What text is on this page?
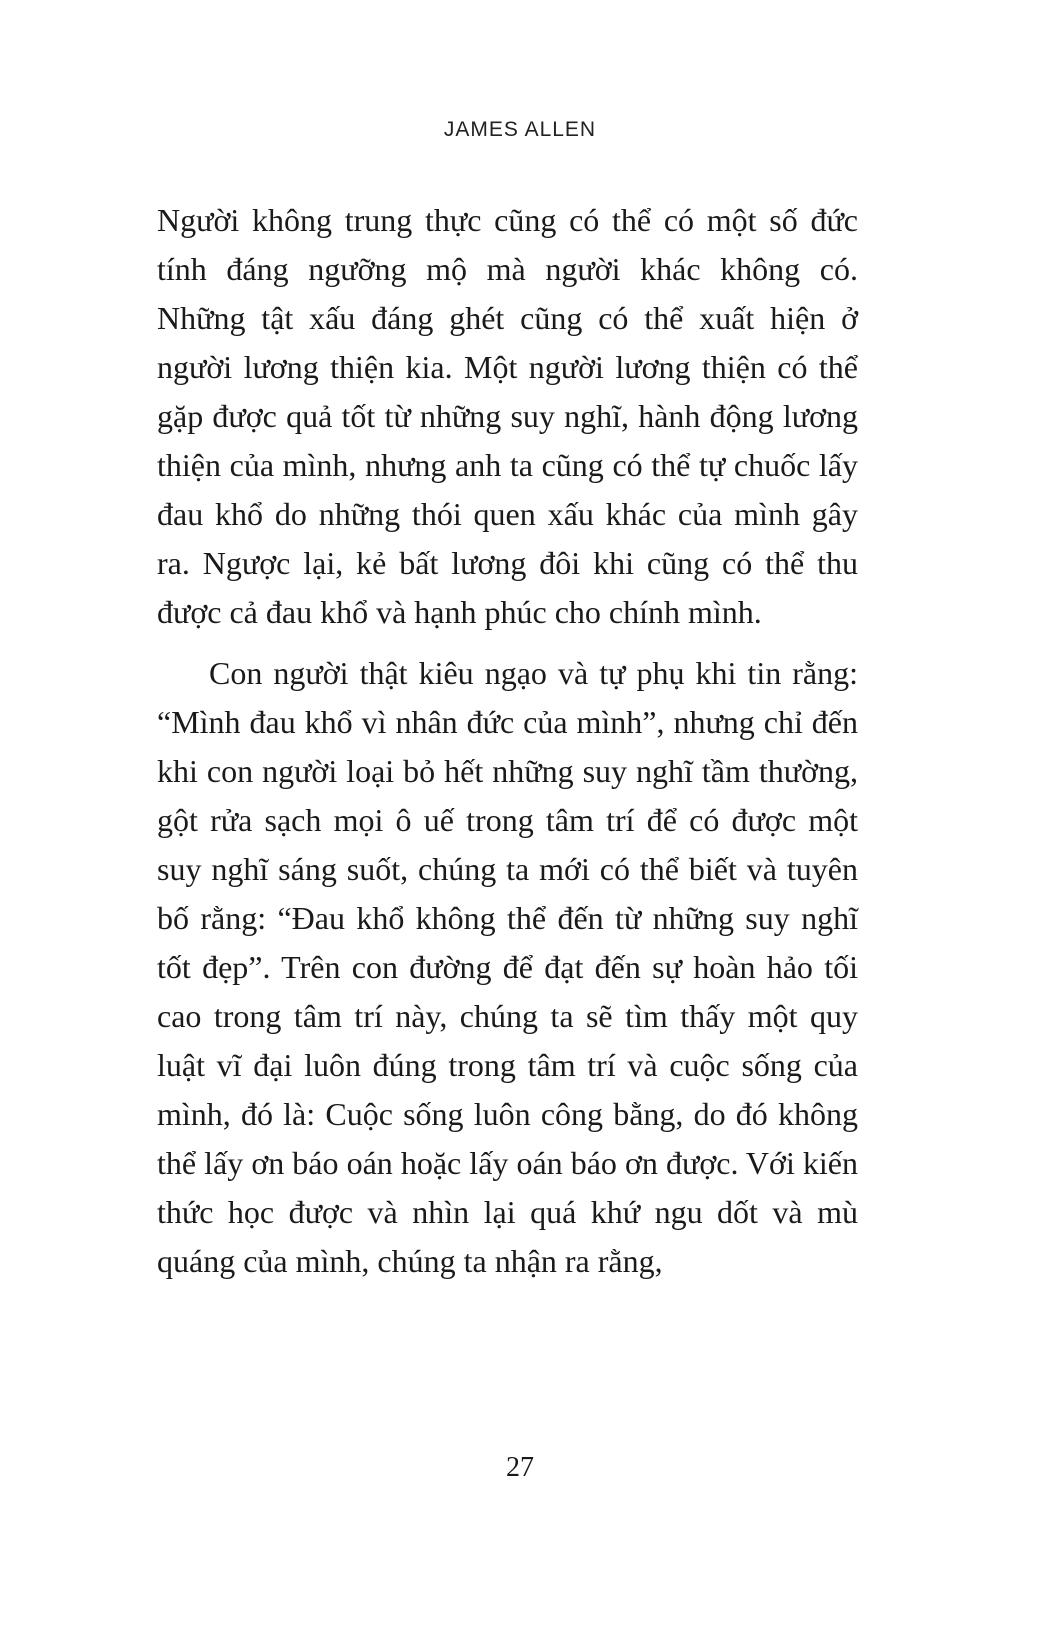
JAMES ALLEN

Người không trung thực cũng có thể có một số đức tính đáng ngưỡng mộ mà người khác không có. Những tật xấu đáng ghét cũng có thể xuất hiện ở người lương thiện kia. Một người lương thiện có thể gặp được quả tốt từ những suy nghĩ, hành động lương thiện của mình, nhưng anh ta cũng có thể tự chuốc lấy đau khổ do những thói quen xấu khác của mình gây ra. Ngược lại, kẻ bất lương đôi khi cũng có thể thu được cả đau khổ và hạnh phúc cho chính mình.

Con người thật kiêu ngạo và tự phụ khi tin rằng: “Mình đau khổ vì nhân đức của mình”, nhưng chỉ đến khi con người loại bỏ hết những suy nghĩ tầm thường, gột rửa sạch mọi ô uế trong tâm trí để có được một suy nghĩ sáng suốt, chúng ta mới có thể biết và tuyên bố rằng: “Đau khổ không thể đến từ những suy nghĩ tốt đẹp”. Trên con đường để đạt đến sự hoàn hảo tối cao trong tâm trí này, chúng ta sẽ tìm thấy một quy luật vĩ đại luôn đúng trong tâm trí và cuộc sống của mình, đó là: Cuộc sống luôn công bằng, do đó không thể lấy ơn báo oán hoặc lấy oán báo ơn được. Với kiến thức học được và nhìn lại quá khứ ngu dốt và mù quáng của mình, chúng ta nhận ra rằng,

27
